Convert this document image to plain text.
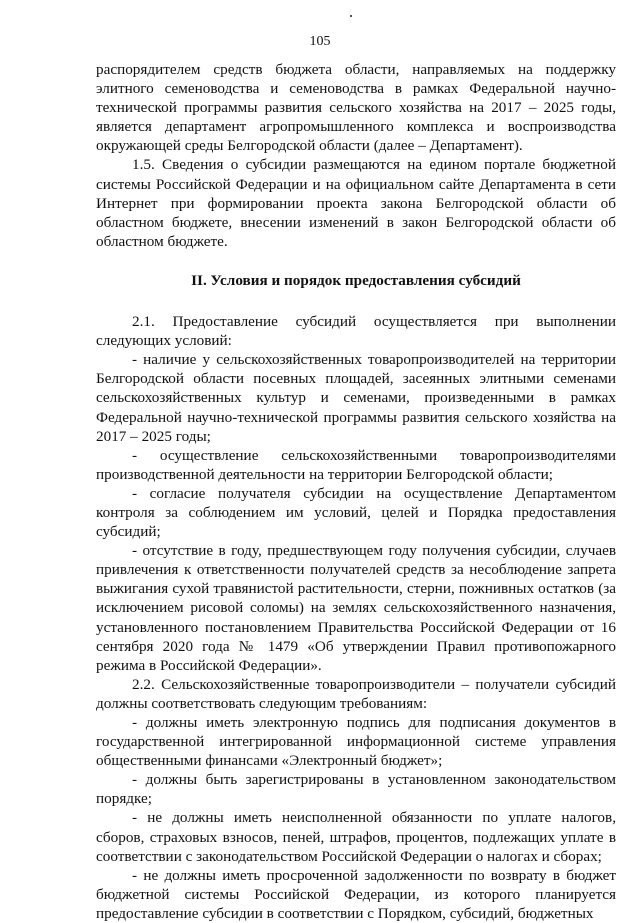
105

распорядителем средств бюджета области, направляемых на поддержку элитного семеноводства и семеноводства в рамках Федеральной научно-технической программы развития сельского хозяйства на 2017 – 2025 годы, является департамент агропромышленного комплекса и воспроизводства окружающей среды Белгородской области (далее – Департамент).

1.5. Сведения о субсидии размещаются на едином портале бюджетной системы Российской Федерации и на официальном сайте Департамента в сети Интернет при формировании проекта закона Белгородской области об областном бюджете, внесении изменений в закон Белгородской области об областном бюджете.

II. Условия и порядок предоставления субсидий

2.1. Предоставление субсидий осуществляется при выполнении следующих условий:

- наличие у сельскохозяйственных товаропроизводителей на территории Белгородской области посевных площадей, засеянных элитными семенами сельскохозяйственных культур и семенами, произведенными в рамках Федеральной научно-технической программы развития сельского хозяйства на 2017 – 2025 годы;

- осуществление сельскохозяйственными товаропроизводителями производственной деятельности на территории Белгородской области;

- согласие получателя субсидии на осуществление Департаментом контроля за соблюдением им условий, целей и Порядка предоставления субсидий;

- отсутствие в году, предшествующем году получения субсидии, случаев привлечения к ответственности получателей средств за несоблюдение запрета выжигания сухой травянистой растительности, стерни, пожнивных остатков (за исключением рисовой соломы) на землях сельскохозяйственного назначения, установленного постановлением Правительства Российской Федерации от 16 сентября 2020 года № 1479 «Об утверждении Правил противопожарного режима в Российской Федерации».

2.2. Сельскохозяйственные товаропроизводители – получатели субсидий должны соответствовать следующим требованиям:

- должны иметь электронную подпись для подписания документов в государственной интегрированной информационной системе управления общественными финансами «Электронный бюджет»;

- должны быть зарегистрированы в установленном законодательством порядке;

- не должны иметь неисполненной обязанности по уплате налогов, сборов, страховых взносов, пеней, штрафов, процентов, подлежащих уплате в соответствии с законодательством Российской Федерации о налогах и сборах;

- не должны иметь просроченной задолженности по возврату в бюджет бюджетной системы Российской Федерации, из которого планируется предоставление субсидии в соответствии с Порядком, субсидий, бюджетных
